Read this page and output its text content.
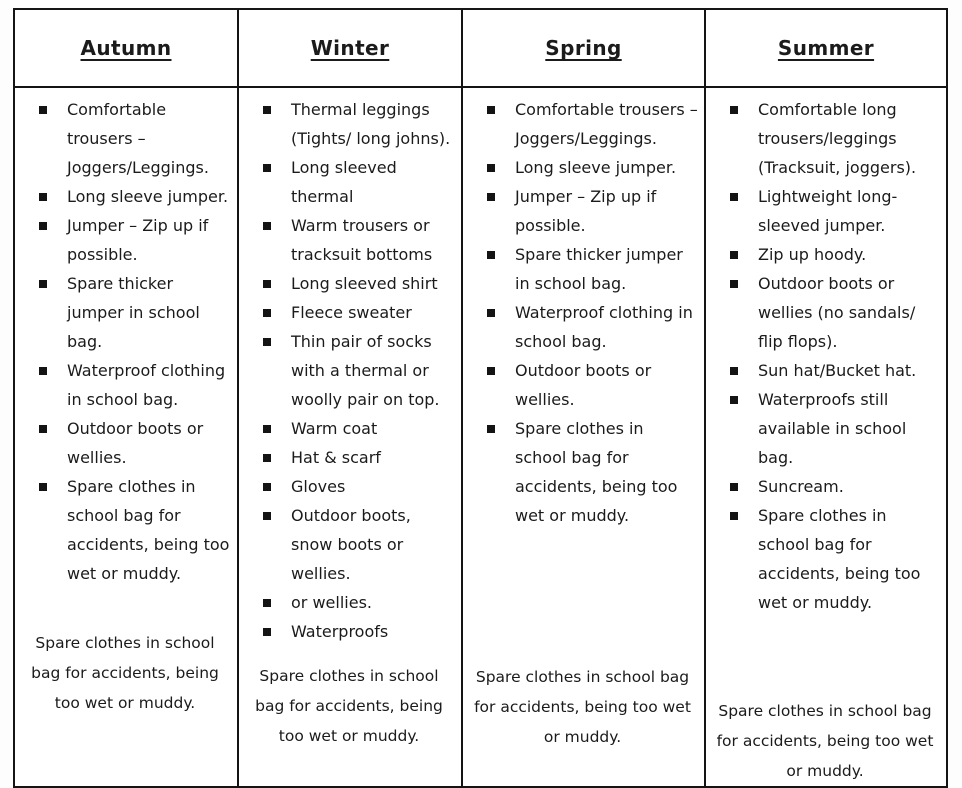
Autumn	Winter	Spring	Summer

Comfortable trousers – Joggers/Leggings.
Long sleeve jumper.
Jumper – Zip up if possible.
Spare thicker jumper in school bag.
Waterproof clothing in school bag.
Outdoor boots or wellies.
Spare clothes in school bag for accidents, being too wet or muddy.

Spare clothes in school bag for accidents, being too wet or muddy.

Thermal leggings (Tights/ long johns).
Long sleeved thermal
Warm trousers or tracksuit bottoms
Long sleeved shirt
Fleece sweater
Thin pair of socks with a thermal or woolly pair on top.
Warm coat
Hat & scarf
Gloves
Outdoor boots, snow boots or wellies.
or wellies.
Waterproofs

Spare clothes in school bag for accidents, being too wet or muddy.

Comfortable trousers – Joggers/Leggings.
Long sleeve jumper.
Jumper – Zip up if possible.
Spare thicker jumper in school bag.
Waterproof clothing in school bag.
Outdoor boots or wellies.
Spare clothes in school bag for accidents, being too wet or muddy.

Spare clothes in school bag for accidents, being too wet or muddy.

Comfortable long trousers/leggings (Tracksuit, joggers).
Lightweight long-sleeved jumper.
Zip up hoody.
Outdoor boots or wellies (no sandals/ flip flops).
Sun hat/Bucket hat.
Waterproofs still available in school bag.
Suncream.
Spare clothes in school bag for accidents, being too wet or muddy.

Spare clothes in school bag for accidents, being too wet or muddy.
